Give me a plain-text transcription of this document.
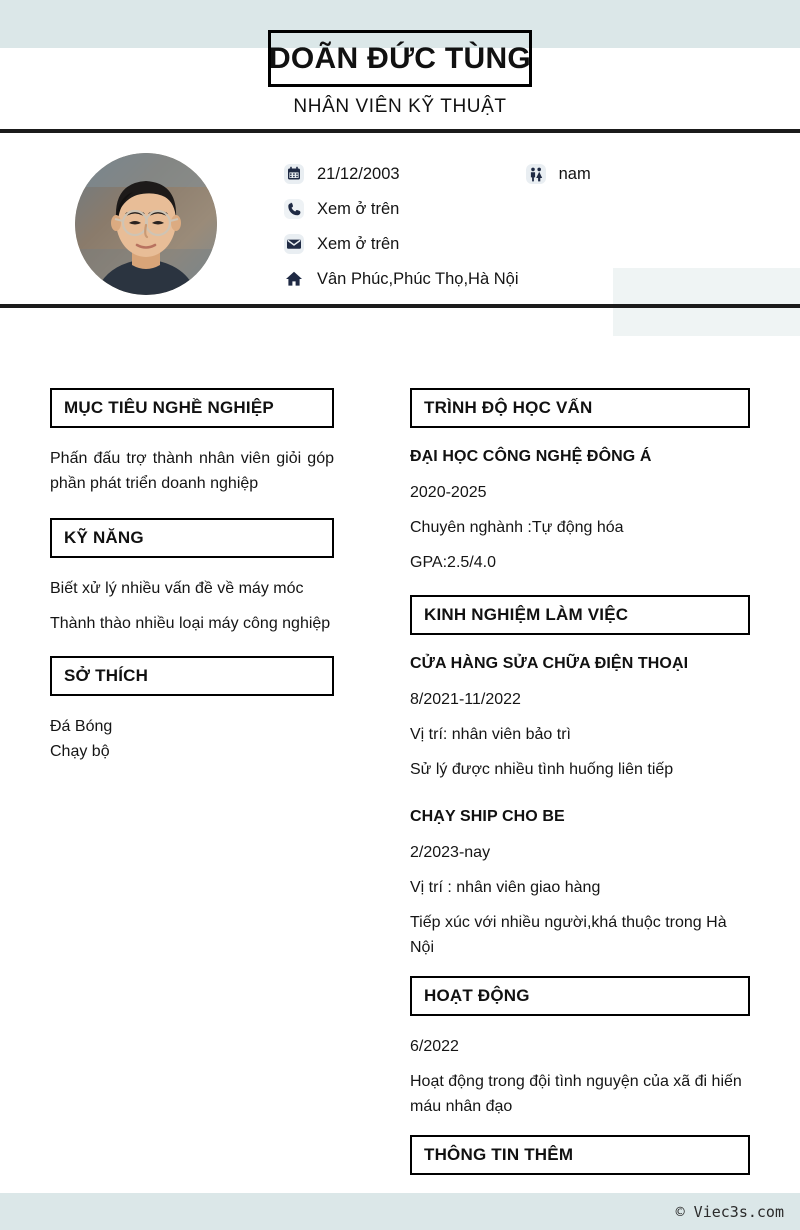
DOÃN ĐỨC TÙNG
NHÂN VIÊN KỸ THUẬT
21/12/2003	nam
Xem ở trên
Xem ở trên
Vân Phúc,Phúc Thọ,Hà Nội
MỤC TIÊU NGHỀ NGHIỆP
Phấn đấu trợ thành nhân viên giỏi góp phần phát triển doanh nghiệp
KỸ NĂNG
Biết xử lý nhiều vấn đề về máy móc
Thành thào nhiều loại máy công nghiệp
SỞ THÍCH
Đá Bóng
Chạy bộ
TRÌNH ĐỘ HỌC VẤN
ĐẠI HỌC CÔNG NGHỆ ĐÔNG Á
2020-2025
Chuyên nghành :Tự động hóa
GPA:2.5/4.0
KINH NGHIỆM LÀM VIỆC
CỬA HÀNG SỬA CHỮA ĐIỆN THOẠI
8/2021-11/2022
Vị trí: nhân viên bảo trì
Sử lý được nhiều tình huống liên tiếp
CHẠY SHIP CHO BE
2/2023-nay
Vị trí : nhân viên giao hàng
Tiếp xúc với nhiều người,khá thuộc trong Hà Nội
HOẠT ĐỘNG
6/2022
Hoạt động trong đội tình nguyện của xã đi hiến máu nhân đạo
THÔNG TIN THÊM
© Viec3s.com
